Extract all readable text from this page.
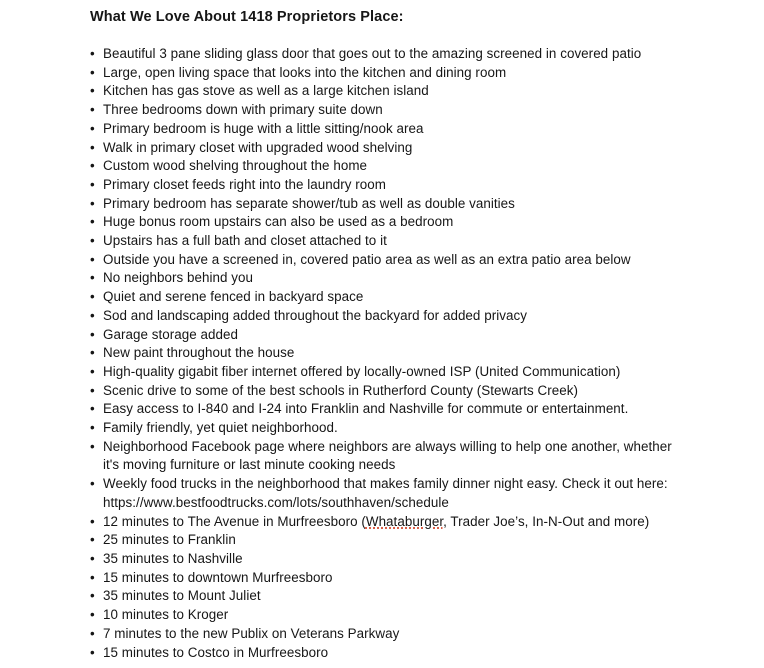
What We Love About 1418 Proprietors Place:
• Beautiful 3 pane sliding glass door that goes out to the amazing screened in covered patio
• Large, open living space that looks into the kitchen and dining room
• Kitchen has gas stove as well as a large kitchen island
• Three bedrooms down with primary suite down
• Primary bedroom is huge with a little sitting/nook area
• Walk in primary closet with upgraded wood shelving
• Custom wood shelving throughout the home
• Primary closet feeds right into the laundry room
• Primary bedroom has separate shower/tub as well as double vanities
• Huge bonus room upstairs can also be used as a bedroom
• Upstairs has a full bath and closet attached to it
• Outside you have a screened in, covered patio area as well as an extra patio area below
• No neighbors behind you
• Quiet and serene fenced in backyard space
• Sod and landscaping added throughout the backyard for added privacy
• Garage storage added
• New paint throughout the house
• High-quality gigabit fiber internet offered by locally-owned ISP (United Communication)
• Scenic drive to some of the best schools in Rutherford County (Stewarts Creek)
• Easy access to I-840 and I-24 into Franklin and Nashville for commute or entertainment.
• Family friendly, yet quiet neighborhood.
• Neighborhood Facebook page where neighbors are always willing to help one another, whether it's moving furniture or last minute cooking needs
• Weekly food trucks in the neighborhood that makes family dinner night easy. Check it out here: https://www.bestfoodtrucks.com/lots/southhaven/schedule
• 12 minutes to The Avenue in Murfreesboro (Whataburger, Trader Joe’s, In-N-Out and more)
• 25 minutes to Franklin
• 35 minutes to Nashville
• 15 minutes to downtown Murfreesboro
• 35 minutes to Mount Juliet
• 10 minutes to Kroger
• 7 minutes to the new Publix on Veterans Parkway
• 15 minutes to Costco in Murfreesboro
